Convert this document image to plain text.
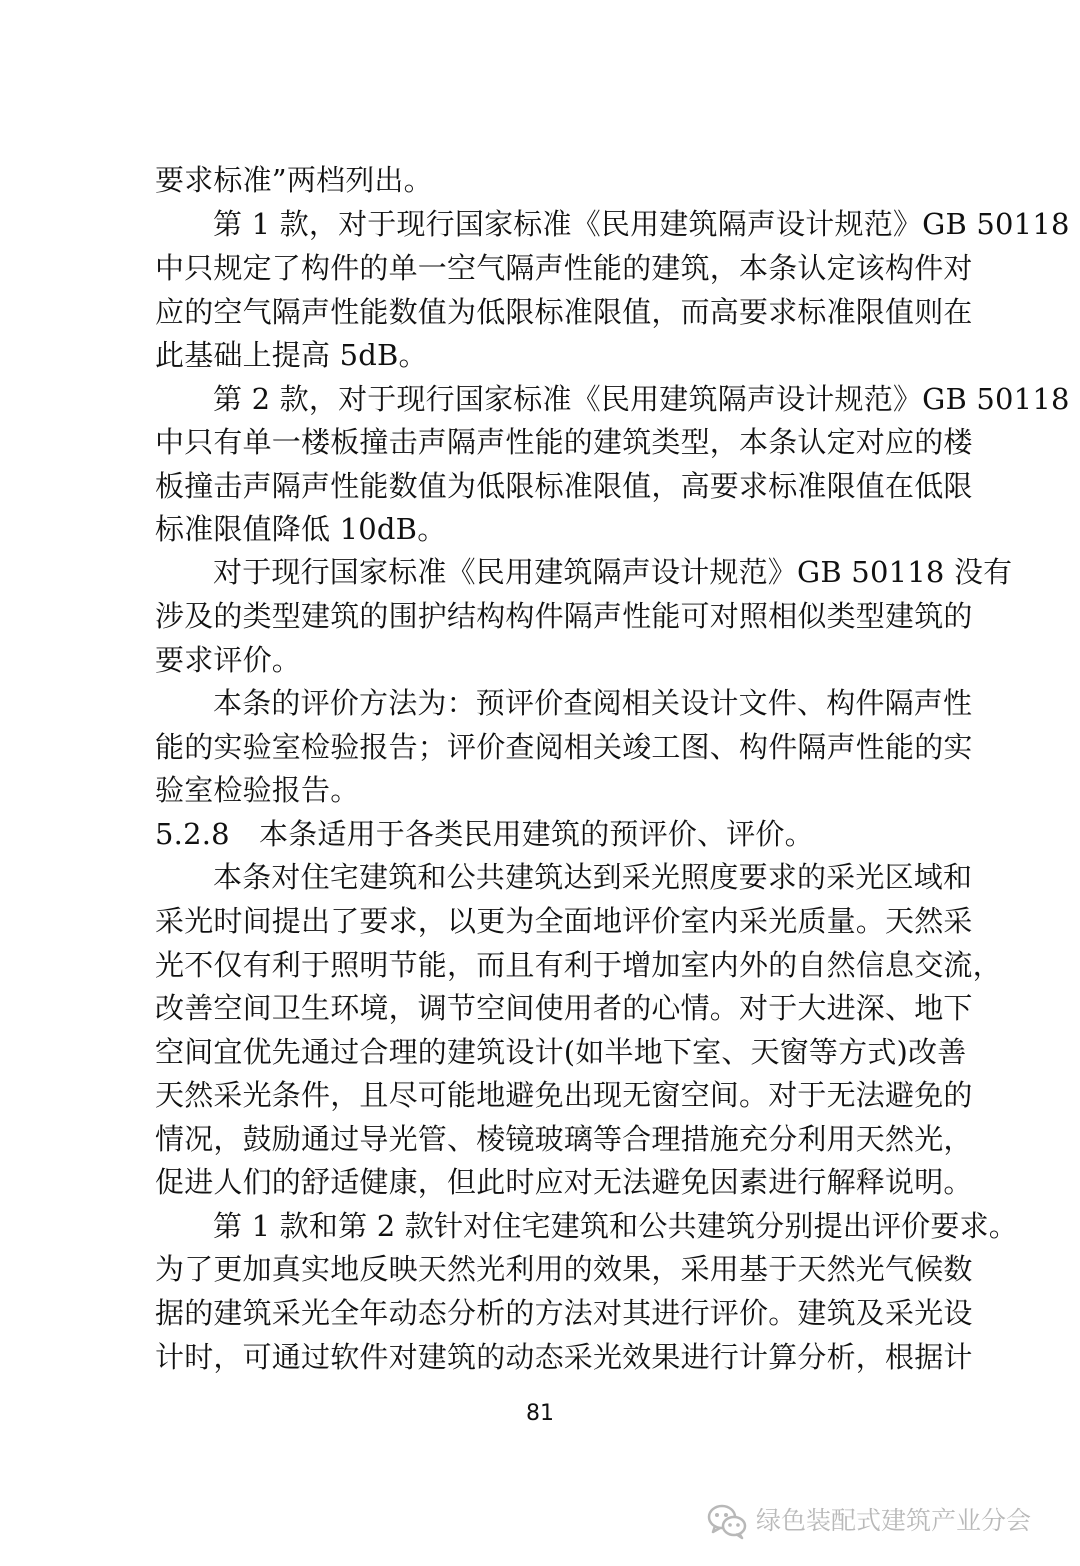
要求标准”两档列出。
第 1 款，对于现行国家标准《民用建筑隔声设计规范》GB 50118
中只规定了构件的单一空气隔声性能的建筑，本条认定该构件对
应的空气隔声性能数值为低限标准限值，而高要求标准限值则在
此基础上提高 5dB。
第 2 款，对于现行国家标准《民用建筑隔声设计规范》GB 50118
中只有单一楼板撞击声隔声性能的建筑类型，本条认定对应的楼
板撞击声隔声性能数值为低限标准限值，高要求标准限值在低限
标准限值降低 10dB。
对于现行国家标准《民用建筑隔声设计规范》GB 50118 没有
涉及的类型建筑的围护结构构件隔声性能可对照相似类型建筑的
要求评价。
本条的评价方法为：预评价查阅相关设计文件、构件隔声性
能的实验室检验报告；评价查阅相关竣工图、构件隔声性能的实
验室检验报告。
5.2.8　本条适用于各类民用建筑的预评价、评价。
本条对住宅建筑和公共建筑达到采光照度要求的采光区域和
采光时间提出了要求，以更为全面地评价室内采光质量。天然采
光不仅有利于照明节能，而且有利于增加室内外的自然信息交流，
改善空间卫生环境，调节空间使用者的心情。对于大进深、地下
空间宜优先通过合理的建筑设计(如半地下室、天窗等方式)改善
天然采光条件，且尽可能地避免出现无窗空间。对于无法避免的
情况，鼓励通过导光管、棱镜玻璃等合理措施充分利用天然光，
促进人们的舒适健康，但此时应对无法避免因素进行解释说明。
第 1 款和第 2 款针对住宅建筑和公共建筑分别提出评价要求。
为了更加真实地反映天然光利用的效果，采用基于天然光气候数
据的建筑采光全年动态分析的方法对其进行评价。建筑及采光设
计时，可通过软件对建筑的动态采光效果进行计算分析，根据计
81
绿色装配式建筑产业分会
